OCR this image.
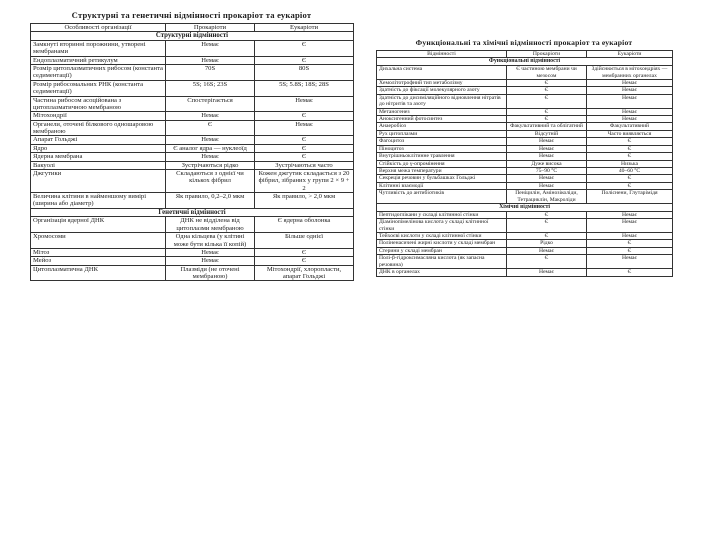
Структурні та генетичні відмінності прокаріот та еукаріот
Особливості організації	Прокаріоти	Еукаріоти
Структурні відмінності		
Замкнуті вторинні порожнини, утворені мембранами	Немає	Є
Ендоплазматичний ретикулум	Немає	Є
Розмір цитоплазматичних рибосом (константа седиментації)	70S	80S
Розмір рибосомальних РНК (константа седиментації)	5S; 16S; 23S	5S; 5.8S; 18S; 28S
Частина рибосом асоційована з цитоплазматичною мембраною	Спостерігається	Немає
Мітохондрії	Немає	Є
Органели, оточені білкового одношаровою мембраною	Є	Немає
Апарат Гольджі	Немає	Є
Ядро	Є аналог ядра — нуклеоїд	Є
Ядерна мембрана	Немає	Є
Вакуолі	Зустрічаються рідко	Зустрічаються часто
Джгутики	Складаються з однієї чи кількох фібрил	Кожен джгутик складається з 20 фібрил, зібраних у групи 2 × 9 + 2
Величина клітини в найменшому вимірі (ширина або діаметр)	Як правило, 0,2–2,0 мкм	Як правило, > 2,0 мкм
Генетичні відмінності		
Організація ядерної ДНК	ДНК не відділена від цитоплазми мембраною	Є ядерна оболонка
Хромосоми	Одна кільцева (у клітині може бути кілька її копій)	Більше однієї
Мітоз	Немає	Є
Мейоз	Немає	Є
Цитоплазматична ДНК	Плазміди (не оточені мембраною)	Мітохондрії, хлоропласти, апарат Гольджі
Функціональні та хімічні відмінності прокаріот та еукаріот
Відмінності	Прокаріоти	Еукаріоти
Функціональні відмінності		
Дихальна система	Є частиною мембрани чи мезосом	Здійснюється в мітохондріях — мембранних органелах
Хемолітотрофний тип метаболізму	Є	Немає
Здатність до фіксації молекулярного азоту	Є	Немає
Здатність до дисиміляційного відновлення нітратів до нітритів та азоту	Є	Немає
Метаногенез	Є	Немає
Аноксигенний фотосинтез	Є	Немає
Анаеробіоз	Факультативний та облігатний	Факультативний
Рух цитоплазми	Відсутній	Часто виявляється
Фагоцитоз	Немає	Є
Піноцитоз	Немає	Є
Внутрішньоклітинне травлення	Немає	Є
Стійкість до γ-опромінення	Дуже висока	Низька
Верхня межа температури	75–90 °С	40–60 °С
Секреція речовин у бульбашках Гольджі	Немає	Є
Клітинні взаємодії	Немає	Є
Чутливість до антибіотиків	Пеніцилін, Амінозіколіди, Тетрациклін, Макроліди	Поліснени, Глутарімідя
Хімічні відмінності		
Пептидоглікани у складі клітинної стінки	Є	Немає
Діамінопімелінова кислота у складі клітинної стінки	Є	Немає
Тейхоєві кислоти у складі клітинної стінки	Є	Немає
Поліненасичені жирні кислоти у складі мембран	Рідко	Є
Стерини у складі мембран	Немає	Є
Полі-β-гідроксимасляна кислота (як запасна речовина)	Є	Немає
ДНК в органелах	Немає	Є
